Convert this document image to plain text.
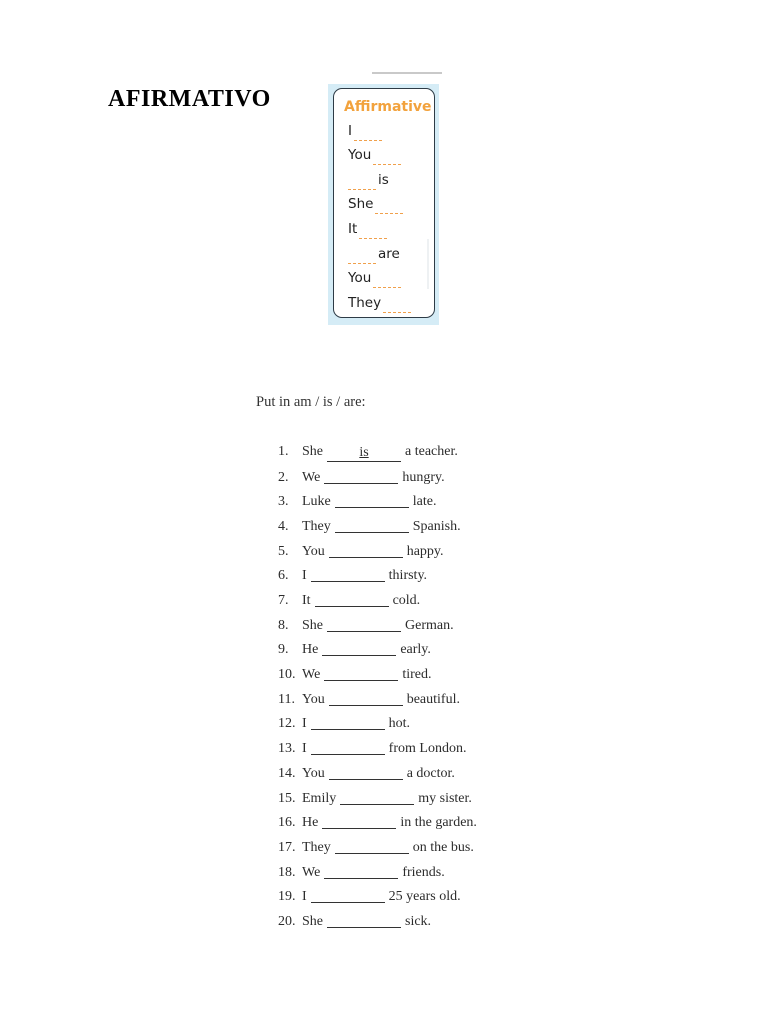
AFIRMATIVO	Affirmative
I
You
is
She
It
are
You
They
Put in am / is / are:
1. She	is	a teacher.
2. We	hungry.
3. Luke	late.
4. They	Spanish.
5. You	happy.
6. I	thirsty.
7. It	cold.
8. She	German.
9. He	early.
10. We	tired.
11. You	beautiful.
12. I	hot.
13. I	from London.
14. You	a doctor.
15. Emily	my sister.
16. He	in the garden.
17. They	on the bus.
18. We	friends.
19. I	25 years old.
20. She	sick.
